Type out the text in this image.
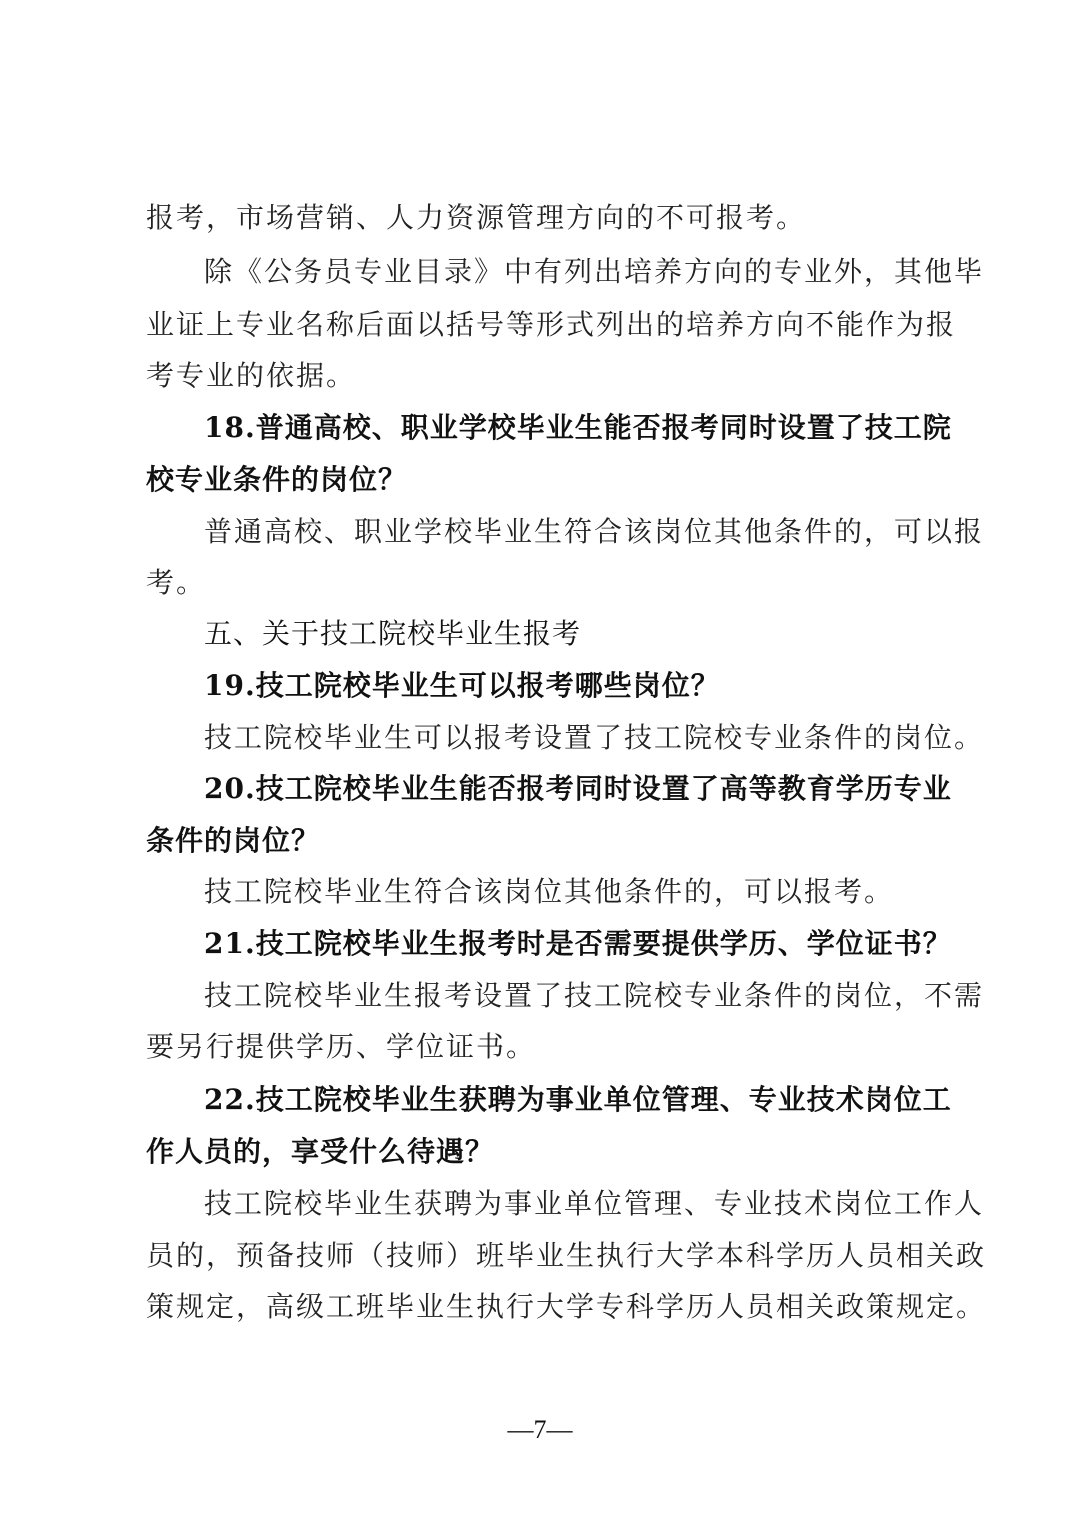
报考，市场营销、人力资源管理方向的不可报考。
除《公务员专业目录》中有列出培养方向的专业外，其他毕
业证上专业名称后面以括号等形式列出的培养方向不能作为报
考专业的依据。
18.普通高校、职业学校毕业生能否报考同时设置了技工院
校专业条件的岗位？
普通高校、职业学校毕业生符合该岗位其他条件的，可以报
考。
五、关于技工院校毕业生报考
19.技工院校毕业生可以报考哪些岗位？
技工院校毕业生可以报考设置了技工院校专业条件的岗位。
20.技工院校毕业生能否报考同时设置了高等教育学历专业
条件的岗位？
技工院校毕业生符合该岗位其他条件的，可以报考。
21.技工院校毕业生报考时是否需要提供学历、学位证书？
技工院校毕业生报考设置了技工院校专业条件的岗位，不需
要另行提供学历、学位证书。
22.技工院校毕业生获聘为事业单位管理、专业技术岗位工
作人员的，享受什么待遇？
技工院校毕业生获聘为事业单位管理、专业技术岗位工作人
员的，预备技师（技师）班毕业生执行大学本科学历人员相关政
策规定，高级工班毕业生执行大学专科学历人员相关政策规定。
—7—
